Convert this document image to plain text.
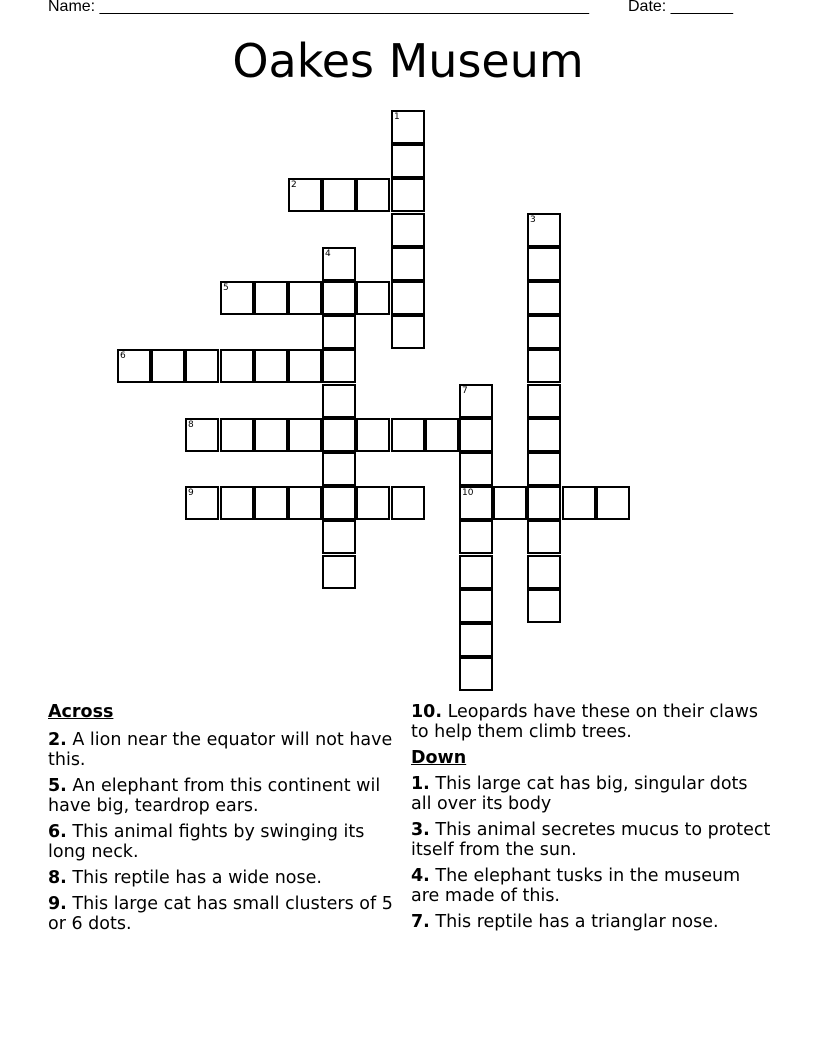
Name: _______________________________________________________ Date: _______
Oakes Museum
1
2
3
4
5
6
7
10
8
9
Across
2. A lion near the equator will not have this.
5. An elephant from this continent wil have big, teardrop ears.
6. This animal fights by swinging its long neck.
8. This reptile has a wide nose.
9. This large cat has small clusters of 5 or 6 dots.
10. Leopards have these on their claws to help them climb trees.
Down
1. This large cat has big, singular dots all over its body
3. This animal secretes mucus to protect itself from the sun.
4. The elephant tusks in the museum are made of this.
7. This reptile has a trianglar nose.
